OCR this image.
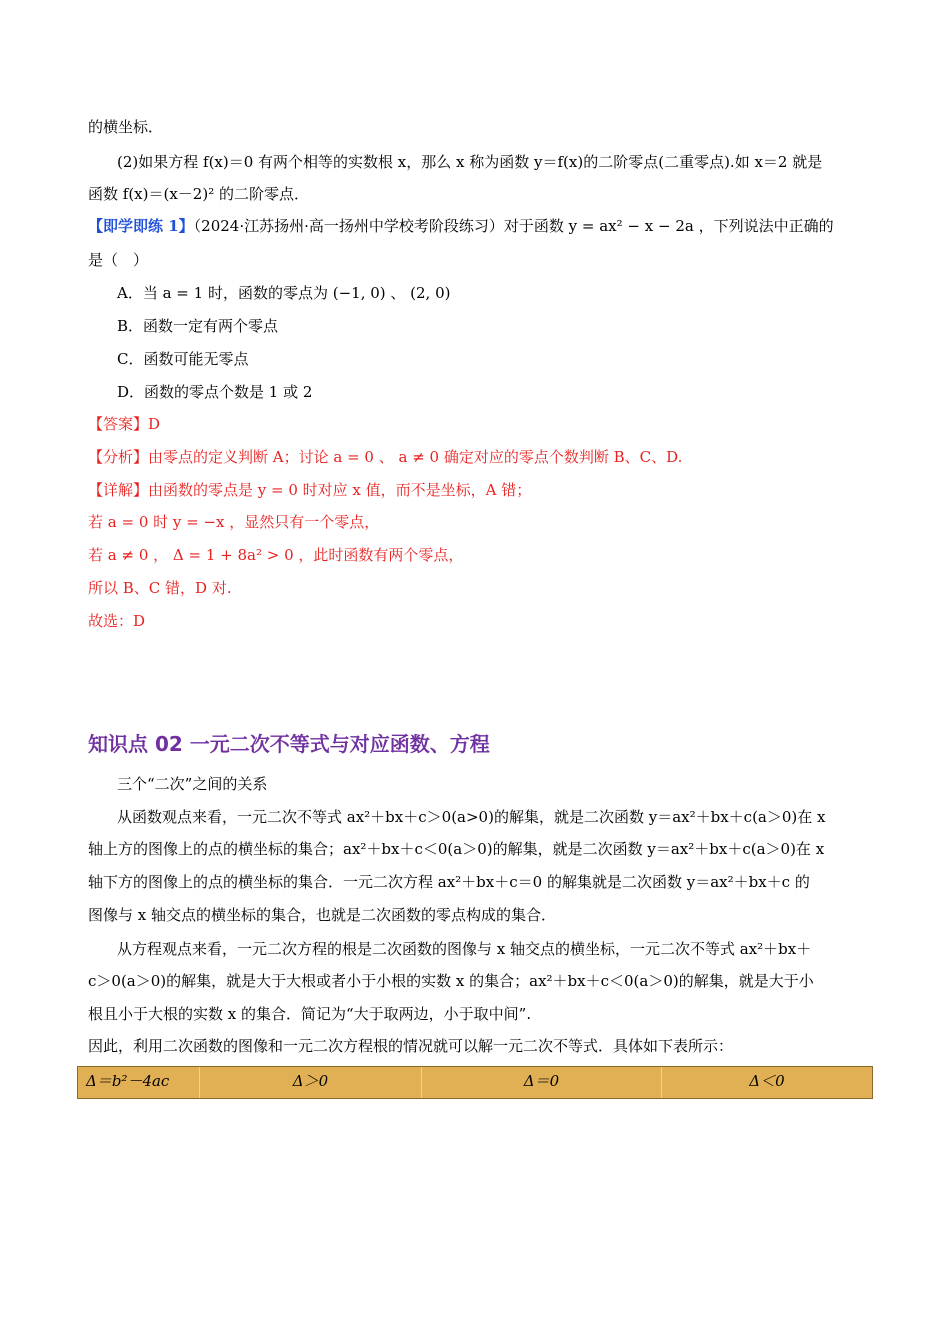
的横坐标．
(2)如果方程 f(x)＝0 有两个相等的实数根 x，那么 x 称为函数 y＝f(x)的二阶零点(二重零点).如 x＝2 就是
函数 f(x)＝(x－2)² 的二阶零点．
【即学即练 1】（2024·江苏扬州·高一扬州中学校考阶段练习）对于函数 y = ax² − x − 2a ，下列说法中正确的
是（　）
A．当 a = 1 时，函数的零点为 (−1, 0) 、 (2, 0)
B．函数一定有两个零点
C．函数可能无零点
D．函数的零点个数是 1 或 2
【答案】D
【分析】由零点的定义判断 A；讨论 a = 0 、 a ≠ 0 确定对应的零点个数判断 B、C、D.
【详解】由函数的零点是 y = 0 时对应 x 值，而不是坐标，A 错；
若 a = 0 时 y = −x ，显然只有一个零点，
若 a ≠ 0 ， Δ = 1 + 8a² > 0 ，此时函数有两个零点，
所以 B、C 错，D 对.
故选：D
知识点 02 一元二次不等式与对应函数、方程
三个“二次”之间的关系
从函数观点来看，一元二次不等式 ax²＋bx＋c＞0(a>0)的解集，就是二次函数 y＝ax²＋bx＋c(a＞0)在 x
轴上方的图像上的点的横坐标的集合；ax²＋bx＋c＜0(a＞0)的解集，就是二次函数 y＝ax²＋bx＋c(a＞0)在 x
轴下方的图像上的点的横坐标的集合．一元二次方程 ax²＋bx＋c＝0 的解集就是二次函数 y＝ax²＋bx＋c 的
图像与 x 轴交点的横坐标的集合，也就是二次函数的零点构成的集合．
从方程观点来看，一元二次方程的根是二次函数的图像与 x 轴交点的横坐标，一元二次不等式 ax²＋bx＋
c＞0(a＞0)的解集，就是大于大根或者小于小根的实数 x 的集合；ax²＋bx＋c＜0(a＞0)的解集，就是大于小
根且小于大根的实数 x 的集合．简记为“大于取两边，小于取中间”.
因此，利用二次函数的图像和一元二次方程根的情况就可以解一元二次不等式．具体如下表所示：
Δ＝b²－4ac	Δ＞0	Δ＝0	Δ＜0
